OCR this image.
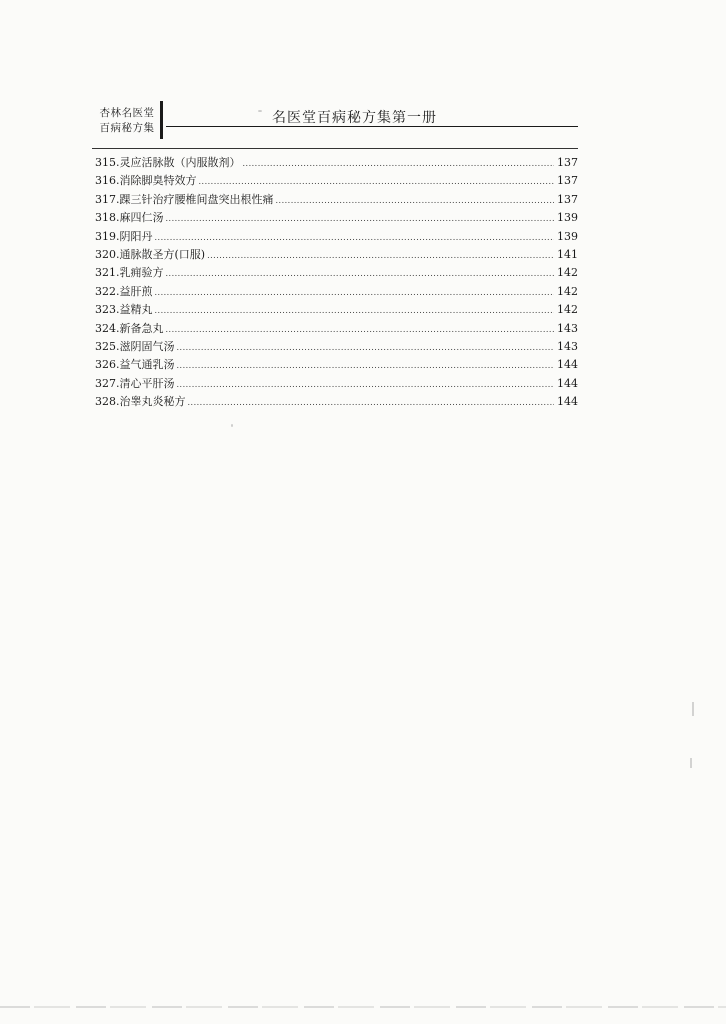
杏林名医堂
百病秘方集
名医堂百病秘方集第一册
315. 灵应活脉散（内服散剂） .....	137
316. 消除脚臭特效方 .....	137
317. 踝三针治疗腰椎间盘突出根性痛 .....	137
318. 麻四仁汤 .....	139
319. 阴阳丹 .....	139
320. 通脉散圣方(口服) .....	141
321. 乳痈验方 .....	142
322. 益肝煎 .....	142
323. 益精丸 .....	142
324. 新备急丸 .....	143
325. 滋阴固气汤 .....	143
326. 益气通乳汤 .....	144
327. 清心平肝汤 .....	144
328. 治睾丸炎秘方 .....	144
